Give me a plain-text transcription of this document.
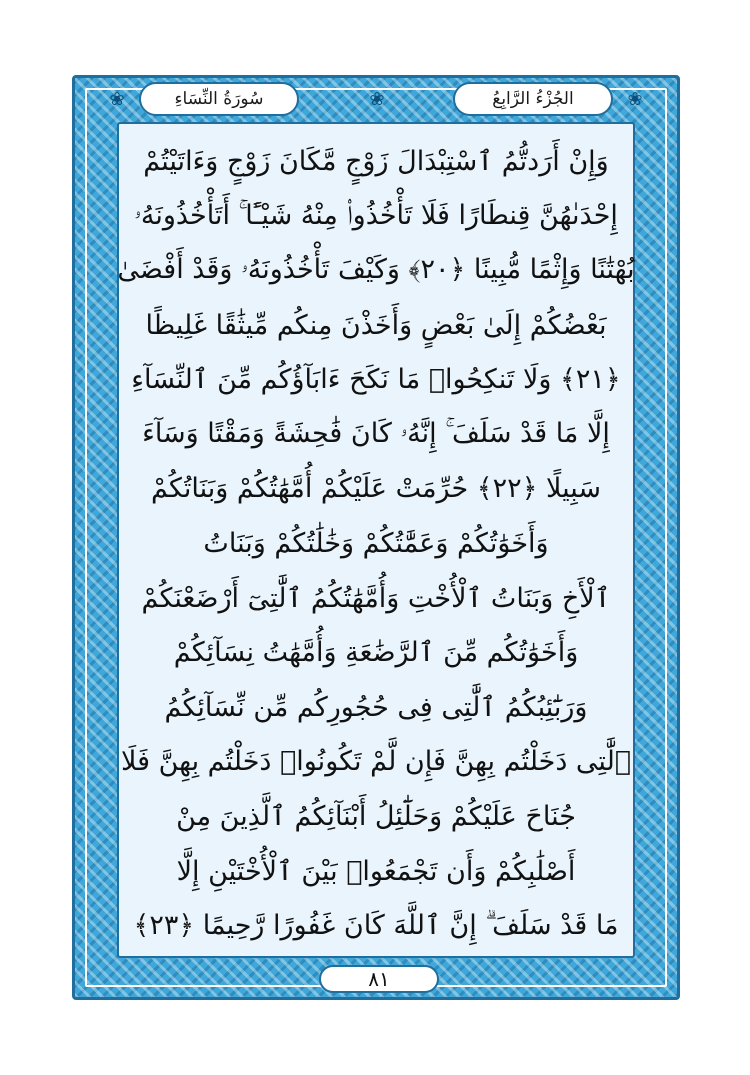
❀	❀	❀
سُورَةُ النِّسَاءِ	الجُزْءُ الرَّابِعُ
وَإِنْ أَرَدتُّمُ ٱسْتِبْدَالَ زَوْجٍ مَّكَانَ زَوْجٍ وَءَاتَيْتُمْ
إِحْدَىٰهُنَّ قِنطَارًا فَلَا تَأْخُذُوا۟ مِنْهُ شَيْـًٔا ۚ أَتَأْخُذُونَهُۥ
بُهْتَٰنًا وَإِثْمًا مُّبِينًا ﴿٢٠﴾ وَكَيْفَ تَأْخُذُونَهُۥ وَقَدْ أَفْضَىٰ
بَعْضُكُمْ إِلَىٰ بَعْضٍ وَأَخَذْنَ مِنكُم مِّيثَٰقًا غَلِيظًا
﴿٢١﴾ وَلَا تَنكِحُوا۟ مَا نَكَحَ ءَابَآؤُكُم مِّنَ ٱلنِّسَآءِ
إِلَّا مَا قَدْ سَلَفَ ۚ إِنَّهُۥ كَانَ فَٰحِشَةً وَمَقْتًا وَسَآءَ
سَبِيلًا ﴿٢٢﴾ حُرِّمَتْ عَلَيْكُمْ أُمَّهَٰتُكُمْ وَبَنَاتُكُمْ
وَأَخَوَٰتُكُمْ وَعَمَّٰتُكُمْ وَخَٰلَٰتُكُمْ وَبَنَاتُ
ٱلْأَخِ وَبَنَاتُ ٱلْأُخْتِ وَأُمَّهَٰتُكُمُ ٱلَّٰتِىٓ أَرْضَعْنَكُمْ
وَأَخَوَٰتُكُم مِّنَ ٱلرَّضَٰعَةِ وَأُمَّهَٰتُ نِسَآئِكُمْ
وَرَبَٰٓئِبُكُمُ ٱلَّٰتِى فِى حُجُورِكُم مِّن نِّسَآئِكُمُ
ٱلَّٰتِى دَخَلْتُم بِهِنَّ فَإِن لَّمْ تَكُونُوا۟ دَخَلْتُم بِهِنَّ فَلَا
جُنَاحَ عَلَيْكُمْ وَحَلَٰٓئِلُ أَبْنَآئِكُمُ ٱلَّذِينَ مِنْ
أَصْلَٰبِكُمْ وَأَن تَجْمَعُوا۟ بَيْنَ ٱلْأُخْتَيْنِ إِلَّا
مَا قَدْ سَلَفَ ۗ إِنَّ ٱللَّهَ كَانَ غَفُورًا رَّحِيمًا ﴿٢٣﴾
٨١
